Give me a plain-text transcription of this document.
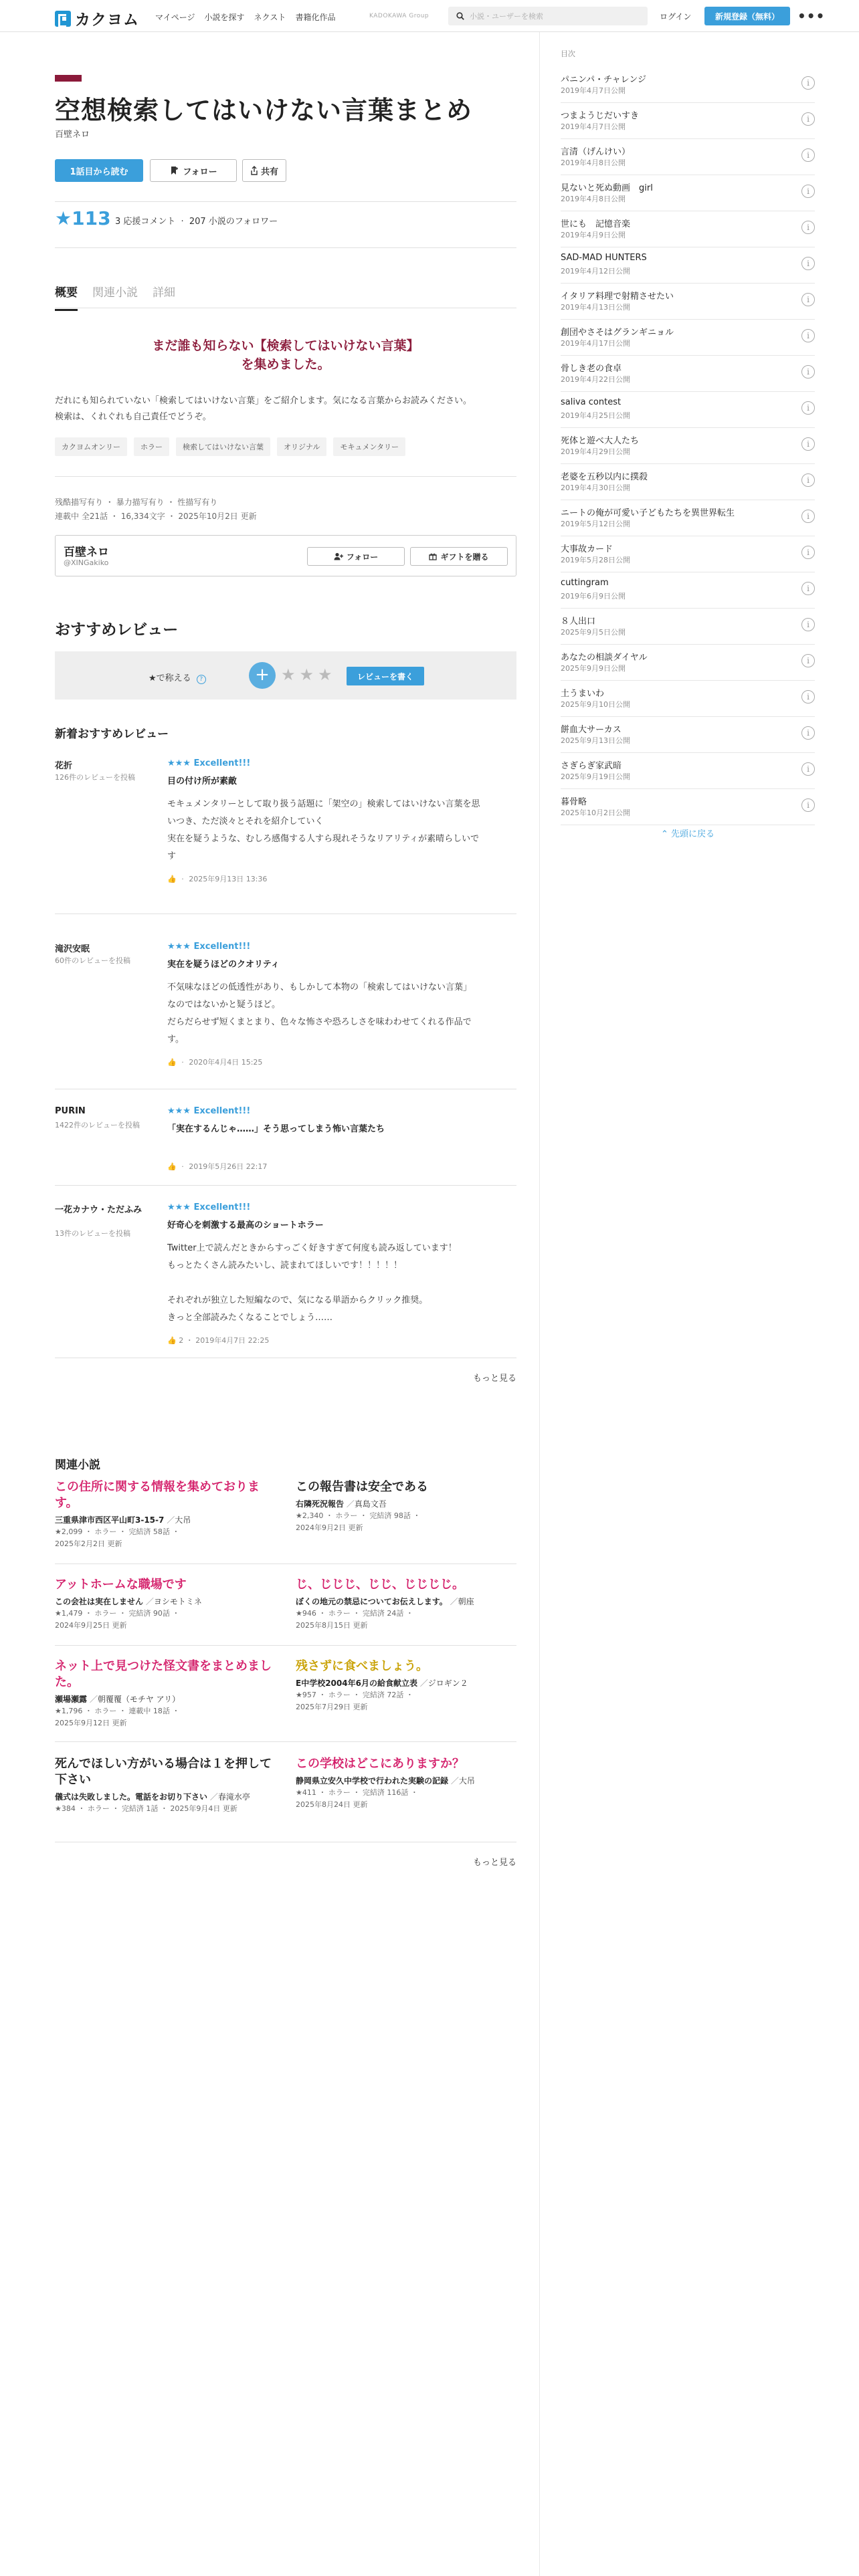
カクヨム マイページ 小説を探す ネクスト 書籍化作品	KADOKAWA Group
小説・ユーザーを検索	ログイン	新規登録（無料）	•••
空想検索してはいけない言葉まとめ
百壁ネロ
1話目から読む	フォロー	共有
★113 3 応援コメント · 207 小説のフォロワー
概要 関連小説 詳細
まだ誰も知らない【検索してはいけない言葉】
を集めました。
だれにも知られていない「検索してはいけない言葉」をご紹介します。気になる言葉からお読みください。
検索は、くれぐれも自己責任でどうぞ。
カクヨムオンリー	ホラー	検索してはいけない言葉	オリジナル	モキュメンタリー
残酷描写有り ・ 暴力描写有り ・ 性描写有り
連載中 全21話 ・ 16,334文字 ・ 2025年10月2日 更新
百壁ネロ
@XINGakiko
フォロー	ギフトを贈る
おすすめレビュー
★で称える ?	+ ★★★	レビューを書く
新着おすすめレビュー
花折
126件のレビューを投稿
★★★ Excellent!!!
目の付け所が素敵
モキュメンタリーとして取り扱う話題に「架空の」検索してはいけない言葉を思
いつき、ただ淡々とそれを紹介していく
実在を疑うような、むしろ感傷する人すら現れそうなリアリティが素晴らしいで
す
👍 · 2025年9月13日 13:36
滝沢安眠
60件のレビューを投稿
★★★ Excellent!!!
実在を疑うほどのクオリティ
不気味なほどの低透性があり、もしかして本物の「検索してはいけない言葉」
なのではないかと疑うほど。
だらだらせず短くまとまり、色々な怖さや恐ろしさを味わわせてくれる作品で
す。
👍 · 2020年4月4日 15:25
PURIN
1422件のレビューを投稿
★★★ Excellent!!!
「実在するんじゃ……」そう思ってしまう怖い言葉たち
👍 · 2019年5月26日 22:17
一花カナウ・ただふみ
13件のレビューを投稿
★★★ Excellent!!!
好奇心を刺激する最高のショートホラー
Twitter上で読んだときからすっごく好きすぎて何度も読み返しています！
もっとたくさん読みたいし、読まれてほしいです！！！！！
それぞれが独立した短編なので、気になる単語からクリック推奨。
きっと全部読みたくなることでしょう……
👍 2 ・ 2019年4月7日 22:25
もっと見る
関連小説
この住所に関する情報を集めております。
三重県津市西区平山町3-15-7 ／大吊
★2,099 ・ ホラー ・ 完結済 58話 ・
2025年2月2日 更新
この報告書は安全である
右隣死況報告 ／真島文吾
★2,340 ・ ホラー ・ 完結済 98話 ・
2024年9月2日 更新
アットホームな職場です
この会社は実在しません ／ヨシモトミネ
★1,479 ・ ホラー ・ 完結済 90話 ・
2024年9月25日 更新
じ、じじじ、じじ、じじじじ。
ぼくの地元の禁忌についてお伝えします。 ／朝座
★946 ・ ホラー ・ 完結済 24話 ・
2025年8月15日 更新
ネット上で見つけた怪文書をまとめました。
瀬場瀬露 ／朝覆覆（モチヤ アリ）
★1,796 ・ ホラー ・ 連載中 18話 ・
2025年9月12日 更新
残さずに食べましょう。
E中学校2004年6月の給食献立表 ／ジロギン２
★957 ・ ホラー ・ 完結済 72話 ・
2025年7月29日 更新
死んでほしい方がいる場合は１を押して下さい
儀式は失敗しました。電話をお切り下さい ／春滝水亭
★384 ・ ホラー ・ 完結済 1話 ・ 2025年9月4日 更新
この学校はどこにありますか？
静岡県立安久中学校で行われた実験の記録 ／大吊
★411 ・ ホラー ・ 完結済 116話 ・
2025年8月24日 更新
もっと見る
目次
パニンパ・チャレンジ
2019年4月7日公開
i
つまようじだいすき
2019年4月7日公開
i
言清（げんけい）
2019年4月8日公開
i
見ないと死ぬ動画　girl
2019年4月8日公開
i
世にも　記憶音楽
2019年4月9日公開
i
SAD-MAD HUNTERS
2019年4月12日公開
i
イタリア料理で射精させたい
2019年4月13日公開
i
創団やさそはグランギニョル
2019年4月17日公開
i
骨しき老の食卓
2019年4月22日公開
i
saliva contest
2019年4月25日公開
i
死体と遊べ大人たち
2019年4月29日公開
i
老婆を五秒以内に撲殺
2019年4月30日公開
i
ニートの俺が可愛い子どもたちを異世界転生
2019年5月12日公開
i
大事故カード
2019年5月28日公開
i
cuttingram
2019年6月9日公開
i
８人出口
2025年9月5日公開
i
あなたの相談ダイヤル
2025年9月9日公開
i
土うまいわ
2025年9月10日公開
i
餅血大サーカス
2025年9月13日公開
i
さぎらぎ家武暗
2025年9月19日公開
i
暮骨略
2025年10月2日公開
i
⌃ 先頭に戻る
